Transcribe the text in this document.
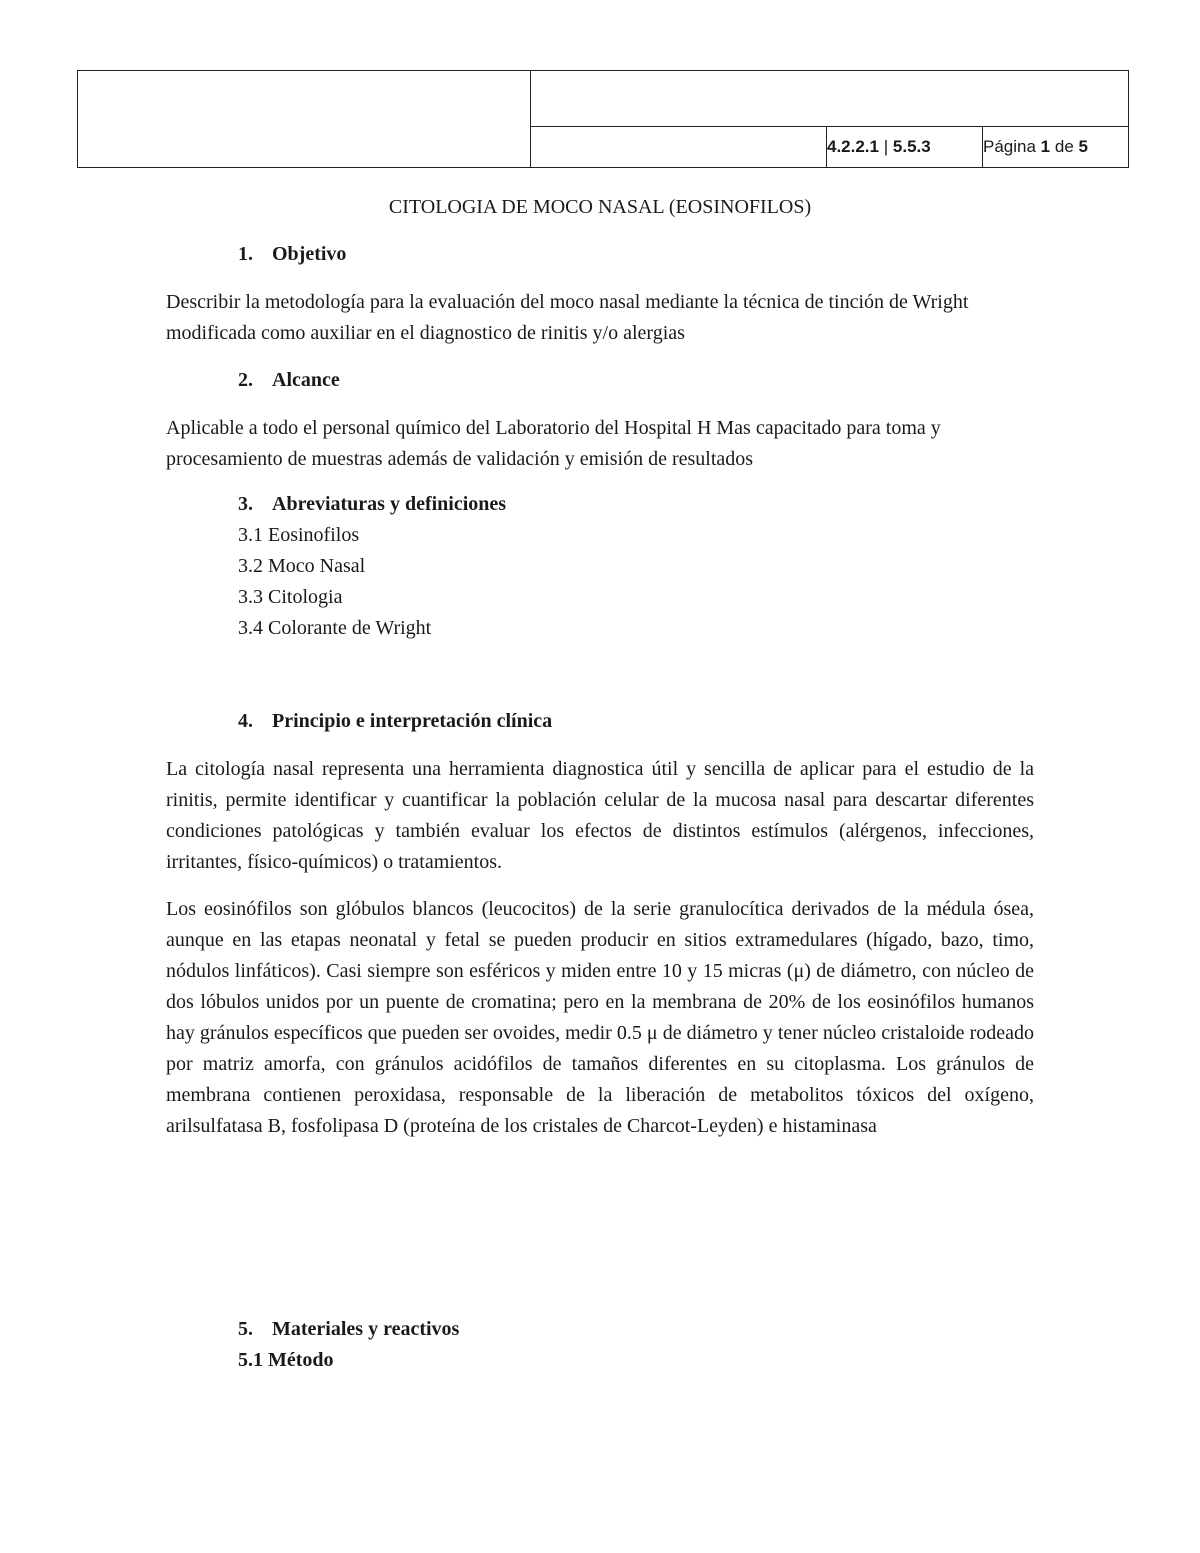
		4.2.2.1 | 5.5.3	Página 1 de 5
CITOLOGIA DE MOCO NASAL (EOSINOFILOS)
1. Objetivo

Describir la metodología para la evaluación del moco nasal mediante la técnica de tinción de Wright modificada como auxiliar en el diagnostico de rinitis y/o alergias

2. Alcance

Aplicable a todo el personal químico del Laboratorio del Hospital H Mas capacitado para toma y procesamiento de muestras además de validación y emisión de resultados

3. Abreviaturas y definiciones
3.1 Eosinofilos
3.2 Moco Nasal
3.3 Citologia
3.4 Colorante de Wright
4. Principio e interpretación clínica

La citología nasal representa una herramienta diagnostica útil y sencilla de aplicar para el estudio de la rinitis, permite identificar y cuantificar la población celular de la mucosa nasal para descartar diferentes condiciones patológicas y también evaluar los efectos de distintos estímulos (alérgenos, infecciones, irritantes, físico-químicos) o tratamientos.

Los eosinófilos son glóbulos blancos (leucocitos) de la serie granulocítica derivados de la médula ósea, aunque en las etapas neonatal y fetal se pueden producir en sitios extramedulares (hígado, bazo, timo, nódulos linfáticos). Casi siempre son esféricos y miden entre 10 y 15 micras (μ) de diámetro, con núcleo de dos lóbulos unidos por un puente de cromatina; pero en la membrana de 20% de los eosinófilos humanos hay gránulos específicos que pueden ser ovoides, medir 0.5 μ de diámetro y tener núcleo cristaloide rodeado por matriz amorfa, con gránulos acidófilos de tamaños diferentes en su citoplasma. Los gránulos de membrana contienen peroxidasa, responsable de la liberación de metabolitos tóxicos del oxígeno, arilsulfatasa B, fosfolipasa D (proteína de los cristales de Charcot-Leyden) e histaminasa

5. Materiales y reactivos
5.1 Método
